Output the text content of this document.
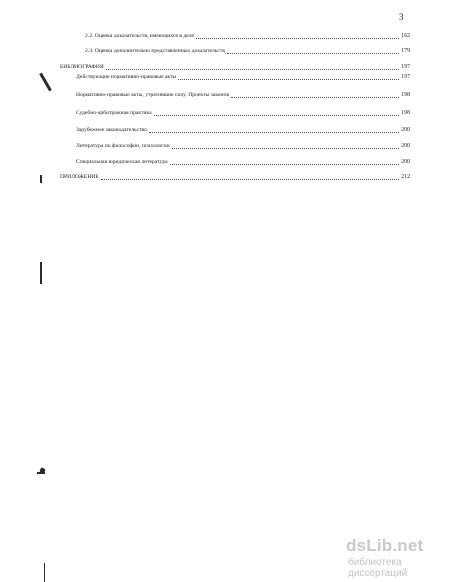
3
2.2. Оценка доказательств, имеющихся в деле	162
2.3. Оценка дополнительно представленных доказательств	179
БИБЛИОГРАФИЯ	197
Действующие нормативно-правовые акты	197
Нормативно-правовые акты, утратившие силу. Проекты законов	198
Судебно-арбитражная практика	198
Зарубежное законодательство	200
Литература по философии, психологии	200
Специальная юридическая литература	200
ПРИЛОЖЕНИЕ	212
dsLib.net
библиотека диссертаций
